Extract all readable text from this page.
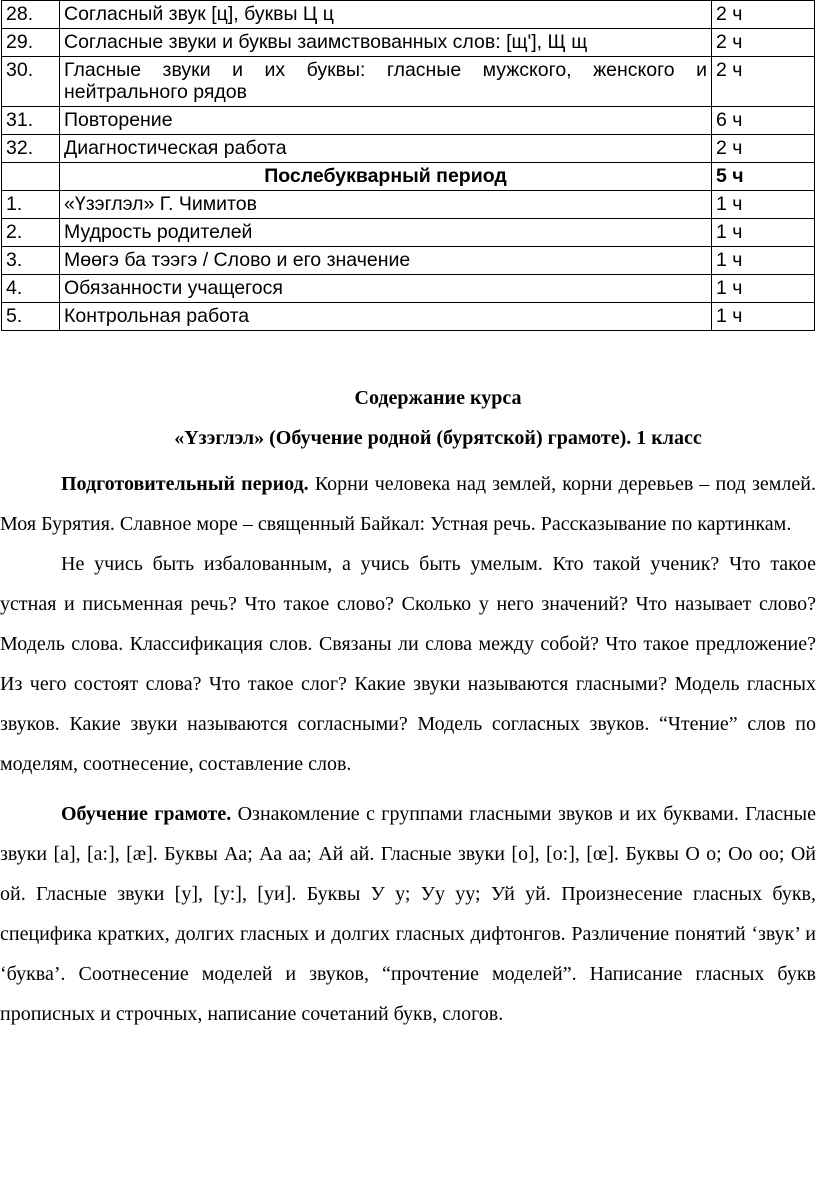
28.	Согласный звук [ц], буквы Ц ц	2 ч
29.	Согласные звуки и буквы заимствованных слов: [щ'], Щ щ	2 ч
30.	Гласные звуки и их буквы: гласные мужского, женского и нейтрального рядов	2 ч
31.	Повторение	6 ч
32.	Диагностическая работа	2 ч
	Послебукварный период	5 ч
1.	«Үзэглэл» Г. Чимитов	1 ч
2.	Мудрость родителей	1 ч
3.	Мөөгэ ба тээгэ / Слово и его значение	1 ч
4.	Обязанности учащегося	1 ч
5.	Контрольная работа	1 ч
Содержание курса
«Үзэглэл» (Обучение родной (бурятской) грамоте). 1 класс

Подготовительный период. Корни человека над землей, корни деревьев – под землей. Моя Бурятия. Славное море – священный Байкал: Устная речь. Рассказывание по картинкам.

Не учись быть избалованным, а учись быть умелым. Кто такой ученик? Что такое устная и письменная речь? Что такое слово? Сколько у него значений? Что называет слово? Модель слова. Классификация слов. Связаны ли слова между собой? Что такое предложение? Из чего состоят слова? Что такое слог? Какие звуки называются гласными? Модель гласных звуков. Какие звуки называются согласными? Модель согласных звуков. “Чтение” слов по моделям, соотнесение, составление слов.

Обучение грамоте. Ознакомление с группами гласными звуков и их буквами. Гласные звуки [а], [а:], [æ]. Буквы Аа; Аа аа; Ай ай. Гласные звуки [о], [о:], [œ]. Буквы О о; Оо оо; Ой ой. Гласные звуки [у], [у:], [уи]. Буквы У у; Уу уу; Уй уй. Произнесение гласных букв, специфика кратких, долгих гласных и долгих гласных дифтонгов. Различение понятий ‘звук’ и ‘буква’. Соотнесение моделей и звуков, “прочтение моделей”. Написание гласных букв прописных и строчных, написание сочетаний букв, слогов.
